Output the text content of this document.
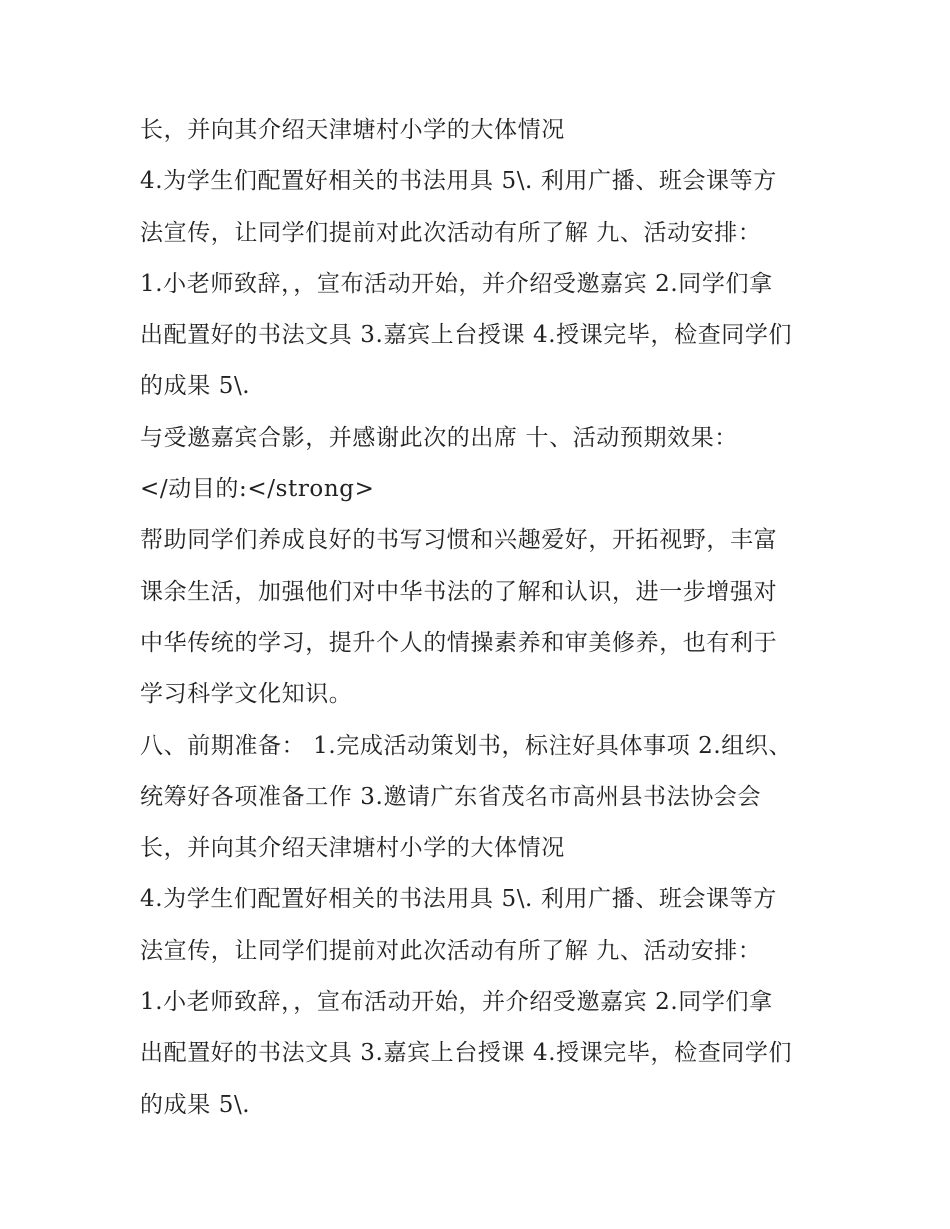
长，并向其介绍天津塘村小学的大体情况
4.为学生们配置好相关的书法用具 5\. 利用广播、班会课等方
法宣传，让同学们提前对此次活动有所了解 九、活动安排：
1.小老师致辞，，宣布活动开始，并介绍受邀嘉宾 2.同学们拿
出配置好的书法文具 3.嘉宾上台授课 4.授课完毕，检查同学们
的成果 5\.
与受邀嘉宾合影，并感谢此次的出席 十、活动预期效果：
</动目的:</strong>
帮助同学们养成良好的书写习惯和兴趣爱好，开拓视野，丰富
课余生活，加强他们对中华书法的了解和认识，进一步增强对
中华传统的学习，提升个人的情操素养和审美修养，也有利于
学习科学文化知识。
八、前期准备： 1.完成活动策划书，标注好具体事项 2.组织、
统筹好各项准备工作 3.邀请广东省茂名市高州县书法协会会
长，并向其介绍天津塘村小学的大体情况
4.为学生们配置好相关的书法用具 5\. 利用广播、班会课等方
法宣传，让同学们提前对此次活动有所了解 九、活动安排：
1.小老师致辞，，宣布活动开始，并介绍受邀嘉宾 2.同学们拿
出配置好的书法文具 3.嘉宾上台授课 4.授课完毕，检查同学们
的成果 5\.
